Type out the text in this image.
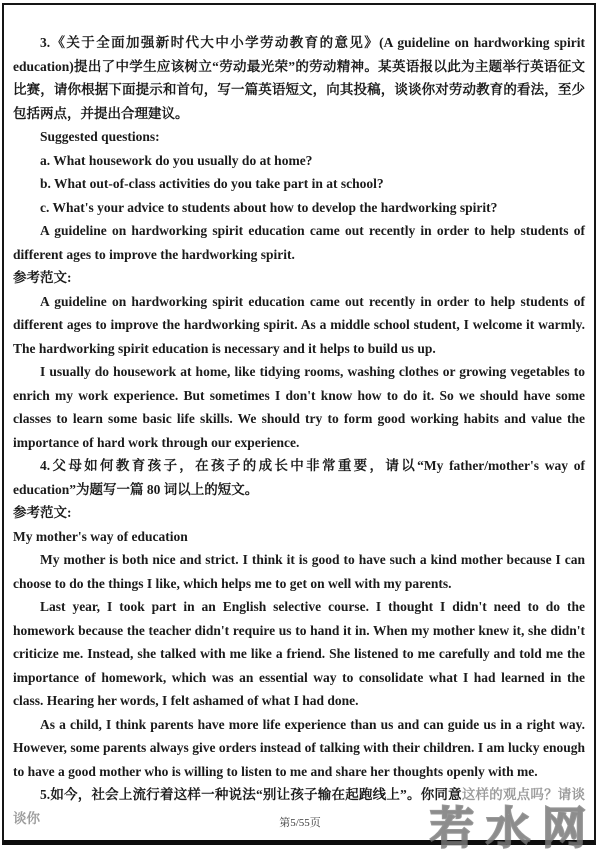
3.《关于全面加强新时代大中小学劳动教育的意见》(A guideline on hardworking spirit education)提出了中学生应该树立“劳动最光荣”的劳动精神。某英语报以此为主题举行英语征文比赛，请你根据下面提示和首句，写一篇英语短文，向其投稿，谈谈你对劳动教育的看法，至少包括两点，并提出合理建议。

Suggested questions:

a. What housework do you usually do at home?

b. What out-of-class activities do you take part in at school?

c. What's your advice to students about how to develop the hardworking spirit?

A guideline on hardworking spirit education came out recently in order to help students of different ages to improve the hardworking spirit.

参考范文:

A guideline on hardworking spirit education came out recently in order to help students of different ages to improve the hardworking spirit. As a middle school student, I welcome it warmly. The hardworking spirit education is necessary and it helps to build us up.

I usually do housework at home, like tidying rooms, washing clothes or growing vegetables to enrich my work experience. But sometimes I don't know how to do it. So we should have some classes to learn some basic life skills. We should try to form good working habits and value the importance of hard work through our experience.

4.父母如何教育孩子，在孩子的成长中非常重要，请以“My father/mother's way of education”为题写一篇 80 词以上的短文。

参考范文:

My mother's way of education

My mother is both nice and strict. I think it is good to have such a kind mother because I can choose to do the things I like, which helps me to get on well with my parents.

Last year, I took part in an English selective course. I thought I didn't need to do the homework because the teacher didn't require us to hand it in. When my mother knew it, she didn't criticize me. Instead, she talked with me like a friend. She listened to me carefully and told me the importance of homework, which was an essential way to consolidate what I had learned in the class. Hearing her words, I felt ashamed of what I had done.

As a child, I think parents have more life experience than us and can guide us in a right way. However, some parents always give orders instead of talking with their children. I am lucky enough to have a good mother who is willing to listen to me and share her thoughts openly with me.

5.如今，社会上流行着这样一种说法“别让孩子输在起跑线上”。你同意这样的观点吗？请谈谈你	第5/55页	若水网
